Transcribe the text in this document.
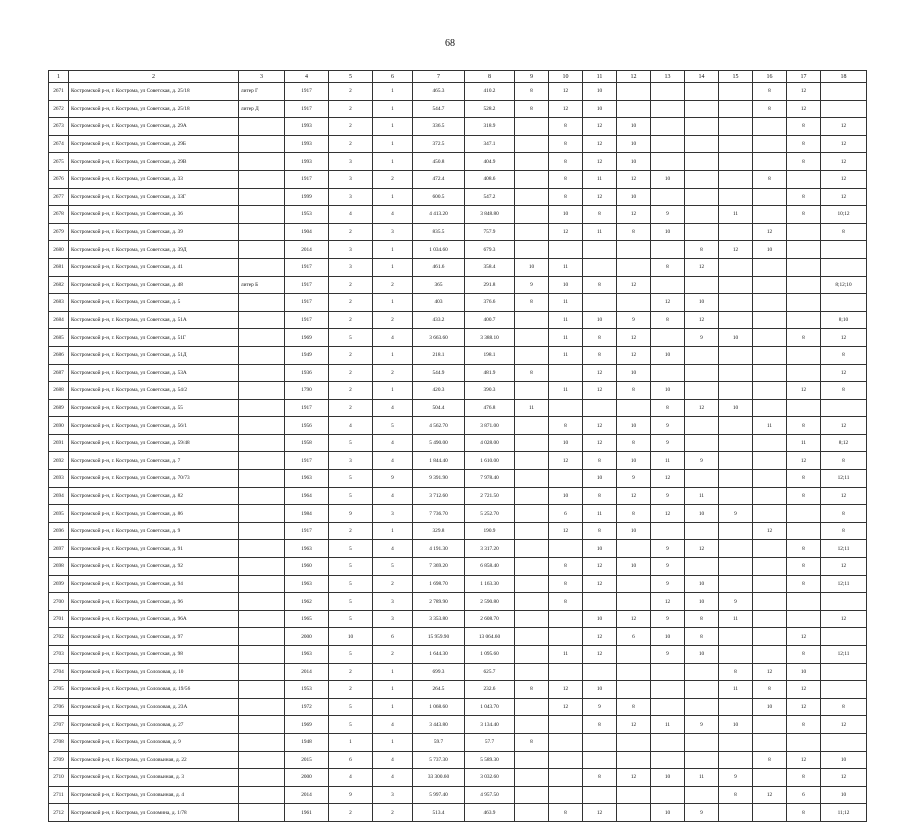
68
1	2	3	4	5	6	7	8	9	10	11	12	13	14	15	16	17	18
2671	Костромской р-н, г. Кострома, ул Советская, д. 25/18	литер Г	1917	2	1	465.3	410.2	8	12	10					8	12	
2672	Костромской р-н, г. Кострома, ул Советская, д. 25/18	литер Д	1917	2	1	544.7	528.2	8	12	10					8	12	
2673	Костромской р-н, г. Кострома, ул Советская, д. 29А		1993	2	1	336.5	318.9		8	12	10					8	12
2674	Костромской р-н, г. Кострома, ул Советская, д. 29Б		1993	2	1	372.5	347.1		8	12	10					8	12
2675	Костромской р-н, г. Кострома, ул Советская, д. 29В		1993	3	1	450.8	404.9		8	12	10					8	12
2676	Костромской р-н, г. Кострома, ул Советская, д. 33		1917	3	2	472.4	408.6		8	11	12	10			8		12
2677	Костромской р-н, г. Кострома, ул Советская, д. 33Г		1999	3	1	600.5	547.2		8	12	10					8	12
2678	Костромской р-н, г. Кострома, ул Советская, д. 36		1953	4	4	4 413.20	3 848.80		10	8	12	9		11		8	10;12
2679	Костромской р-н, г. Кострома, ул Советская, д. 39		1904	2	3	835.5	757.9		12	11	8	10			12		8
2680	Костромской р-н, г. Кострома, ул Советская, д. 39Д		2014	3	1	1 034.60	679.3						8	12	10		
2681	Костромской р-н, г. Кострома, ул Советская, д. 41		1917	3	1	461.6	358.4	10	11			8	12				
2682	Костромской р-н, г. Кострома, ул Советская, д. 48	литер Б	1917	2	2	365	291.8	9	10	8	12						8;12;10
2683	Костромской р-н, г. Кострома, ул Советская, д. 5		1917	2	1	403	376.6	8	11			12	10				
2684	Костромской р-н, г. Кострома, ул Советская, д. 51А		1917	2	2	433.2	400.7		11	10	9	8	12				8;10
2685	Костромской р-н, г. Кострома, ул Советская, д. 51Г		1969	5	4	3 663.60	3 388.10		11	8	12		9	10		8	12
2686	Костромской р-н, г. Кострома, ул Советская, д. 51Д		1949	2	1	218.1	198.1		11	8	12	10					8
2687	Костромской р-н, г. Кострома, ул Советская, д. 53А		1936	2	2	544.9	481.9	8		12	10						12
2688	Костромской р-н, г. Кострома, ул Советская, д. 54/2		1790	2	1	420.3	390.3		11	12	8	10				12	8
2689	Костромской р-н, г. Кострома, ул Советская, д. 55		1917	2	4	504.4	476.8	11				8	12	10			
2690	Костромской р-н, г. Кострома, ул Советская, д. 56/1		1956	4	5	4 562.70	3 871.00		8	12	10	9			11	8	12
2691	Костромской р-н, г. Кострома, ул Советская, д. 59/48		1958	5	4	5 490.00	4 028.00		10	12	8	9				11	8;12
2692	Костромской р-н, г. Кострома, ул Советская, д. 7		1917	3	4	1 844.40	1 610.00		12	8	10	11	9			12	8
2693	Костромской р-н, г. Кострома, ул Советская, д. 70/73		1963	5	9	9 391.90	7 978.40			10	9	12				8	12;11
2694	Костромской р-н, г. Кострома, ул Советская, д. 82		1964	5	4	3 712.60	2 721.50		10	8	12	9	11			8	12
2695	Костромской р-н, г. Кострома, ул Советская, д. 86		1984	9	3	7 736.70	5 252.70		6	11	8	12	10	9			8
2696	Костромской р-н, г. Кострома, ул Советская, д. 9		1917	2	1	329.8	190.9		12	8	10				12		8
2697	Костромской р-н, г. Кострома, ул Советская, д. 91		1963	5	4	4 191.30	3 317.20			10		9	12			8	12;11
2698	Костромской р-н, г. Кострома, ул Советская, д. 92		1960	5	5	7 369.20	6 858.40		8	12	10	9				8	12
2699	Костромской р-н, г. Кострома, ул Советская, д. 94		1963	5	2	1 698.70	1 163.30		8	12		9	10			8	12;11
2700	Костромской р-н, г. Кострома, ул Советская, д. 96		1962	5	3	2 789.90	2 590.80		8			12	10	9			
2701	Костромской р-н, г. Кострома, ул Советская, д. 96А		1965	5	3	3 353.80	2 608.70			10	12	9	8	11			12
2702	Костромской р-н, г. Кострома, ул Советская, д. 97		2000	10	6	15 959.90	13 064.60			12	6	10	8			12	
2703	Костромской р-н, г. Кострома, ул Советская, д. 98		1963	5	2	1 644.30	1 095.60		11	12		9	10			8	12;11
2704	Костромской р-н, г. Кострома, ул Солоховая, д. 10		2014	2	1	699.3	625.7							8	12	10	
2705	Костромской р-н, г. Кострома, ул Солоховая, д. 19/56		1953	2	1	264.5	232.6	8	12	10				11	8	12	
2706	Костромской р-н, г. Кострома, ул Солоховая, д. 23А		1972	5	1	1 068.60	1 043.70		12	9	8				10	12	8
2707	Костромской р-н, г. Кострома, ул Солоховая, д. 27		1969	5	4	3 443.80	3 134.40			8	12	11	9	10		8	12
2708	Костромской р-н, г. Кострома, ул Солоховая, д. 9		1948	1	1	59.7	57.7	8									
2709	Костромской р-н, г. Кострома, ул Соловьиная, д. 22		2015	6	4	5 737.30	5 589.30								8	12	10
2710	Костромской р-н, г. Кострома, ул Соловьиная, д. 3		2000	4	4	33 300.60	3 032.60			8	12	10	11	9		8	12
2711	Костромской р-н, г. Кострома, ул Соловьиная, д. 4		2014	9	3	5 997.40	4 957.50							8	12	6	10
2712	Костромской р-н, г. Кострома, ул Соломина, д. 1/78		1961	2	2	513.4	463.9		8	12		10	9			8	11;12
